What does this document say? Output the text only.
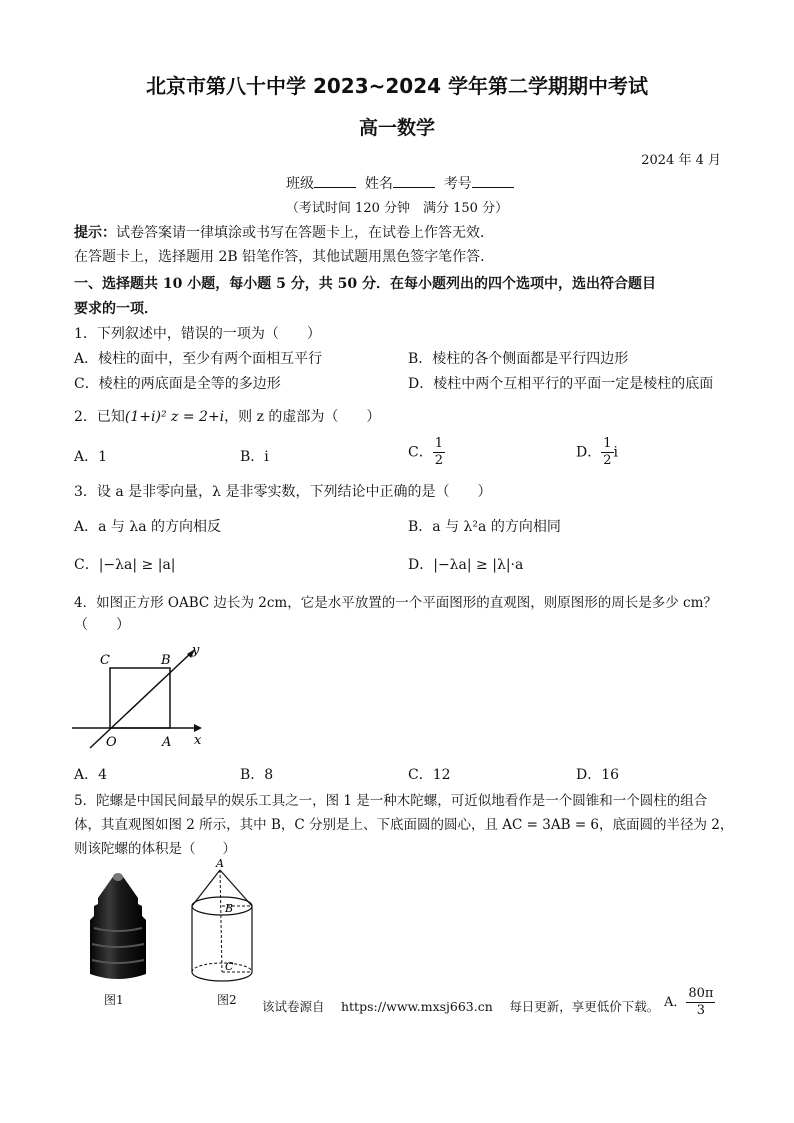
北京市第八十中学 2023~2024 学年第二学期期中考试
高一数学
2024 年 4 月
班级	姓名	考号
（考试时间 120 分钟　满分 150 分）
提示：试卷答案请一律填涂或书写在答题卡上，在试卷上作答无效．
在答题卡上，选择题用 2B 铅笔作答，其他试题用黑色签字笔作答．
一、选择题共 10 小题，每小题 5 分，共 50 分．在每小题列出的四个选项中，选出符合题目
要求的一项．
1．下列叙述中，错误的一项为（　　）
A．棱柱的面中，至少有两个面相互平行	B．棱柱的各个侧面都是平行四边形
C．棱柱的两底面是全等的多边形	D．棱柱中两个互相平行的平面一定是棱柱的底面
2．已知(1+i)² z = 2+i，则 z 的虚部为（　　）
A．1	B．i	C． $\frac{1}{2}$	D． $\frac{1}{2}$ i
3．设 a 是非零向量，λ 是非零实数，下列结论中正确的是（　　）
A．a 与 λa 的方向相反	B．a 与 λ²a 的方向相同
C．|−λa| ≥ |a|	D．|−λa| ≥ |λ|·a
4．如图正方形 OABC 边长为 2cm，它是水平放置的一个平面图形的直观图，则原图形的周长是多少 cm？
（　　）
C	B
y
O	A x
A．4	B．8	C．12	D．16
5．陀螺是中国民间最早的娱乐工具之一，图 1 是一种木陀螺，可近似地看作是一个圆锥和一个圆柱的组合
体，其直观图如图 2 所示，其中 B，C 分别是上、下底面圆的圆心，且 AC = 3AB = 6，底面圆的半径为 2，
则该陀螺的体积是（　　）
图1
A
B
C
图2 该试卷源自　 https://www.mxsj663.cn　 每日更新，享更低价下载。 A． $\frac{80\pi}{3}$
